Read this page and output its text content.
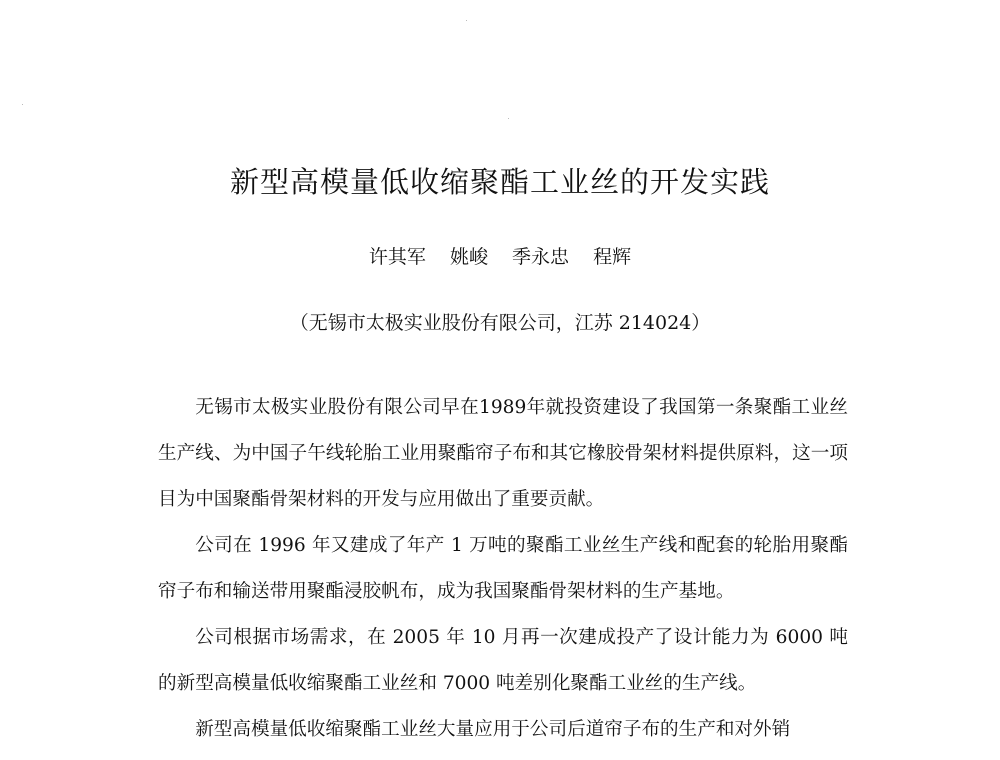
新型高模量低收缩聚酯工业丝的开发实践
许其军 姚峻 季永忠 程辉
（无锡市太极实业股份有限公司，江苏 214024）

无锡市太极实业股份有限公司早在1989年就投资建设了我国第一条聚酯工业丝生产线、为中国子午线轮胎工业用聚酯帘子布和其它橡胶骨架材料提供原料，这一项目为中国聚酯骨架材料的开发与应用做出了重要贡献。

公司在 1996 年又建成了年产 1 万吨的聚酯工业丝生产线和配套的轮胎用聚酯帘子布和输送带用聚酯浸胶帆布，成为我国聚酯骨架材料的生产基地。

公司根据市场需求，在 2005 年 10 月再一次建成投产了设计能力为 6000 吨的新型高模量低收缩聚酯工业丝和 7000 吨差别化聚酯工业丝的生产线。

新型高模量低收缩聚酯工业丝大量应用于公司后道帘子布的生产和对外销
